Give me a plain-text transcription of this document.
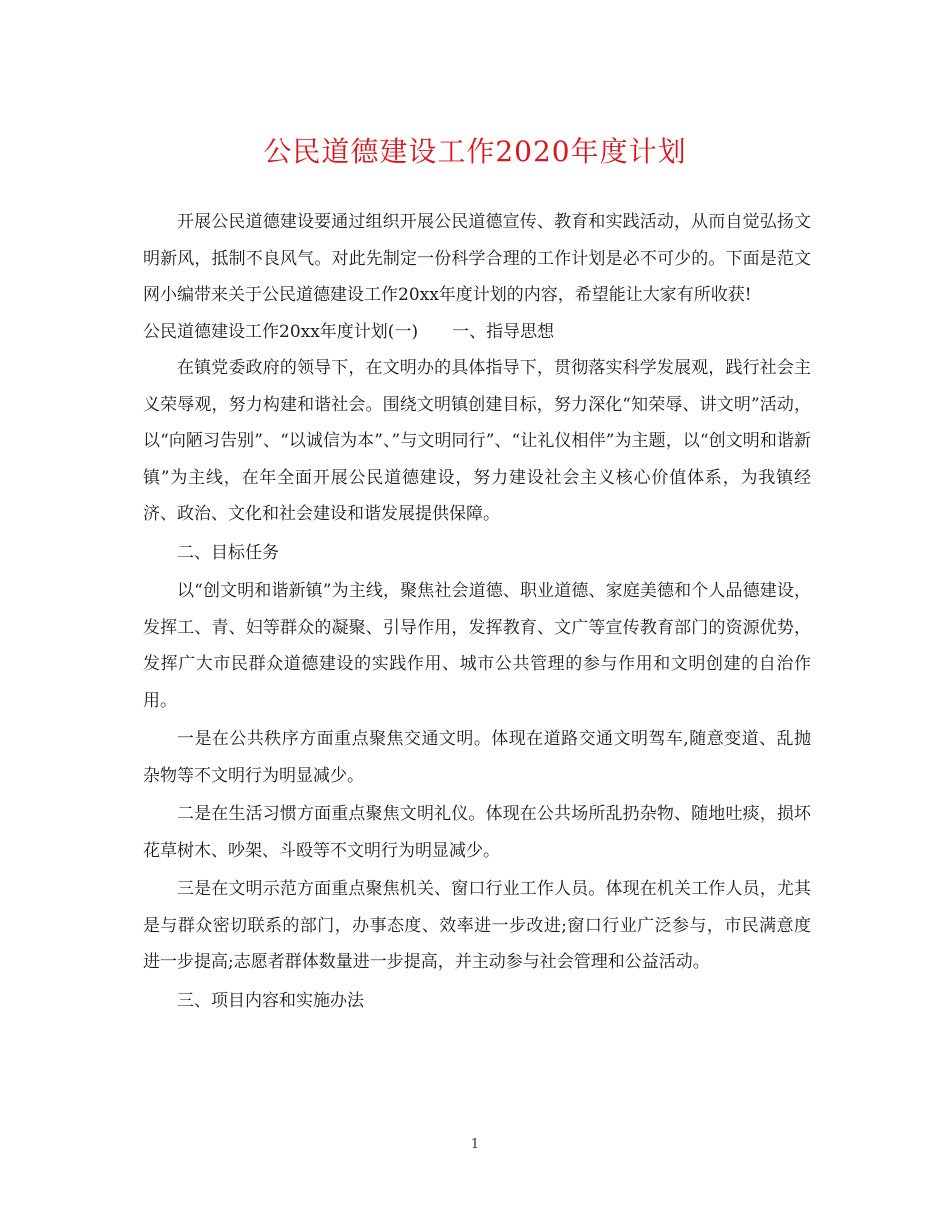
公民道德建设工作2020年度计划

开展公民道德建设要通过组织开展公民道德宣传、教育和实践活动，从而自觉弘扬文明新风，抵制不良风气。对此先制定一份科学合理的工作计划是必不可少的。下面是范文网小编带来关于公民道德建设工作20xx年度计划的内容，希望能让大家有所收获!

公民道德建设工作20xx年度计划(一)　　一、指导思想

在镇党委政府的领导下，在文明办的具体指导下，贯彻落实科学发展观，践行社会主义荣辱观，努力构建和谐社会。围绕文明镇创建目标，努力深化“知荣辱、讲文明”活动，以“向陋习告别”、“以诚信为本”、”与文明同行”、“让礼仪相伴”为主题，以“创文明和谐新镇”为主线，在年全面开展公民道德建设，努力建设社会主义核心价值体系，为我镇经济、政治、文化和社会建设和谐发展提供保障。

二、目标任务

以“创文明和谐新镇”为主线，聚焦社会道德、职业道德、家庭美德和个人品德建设，发挥工、青、妇等群众的凝聚、引导作用，发挥教育、文广等宣传教育部门的资源优势，发挥广大市民群众道德建设的实践作用、城市公共管理的参与作用和文明创建的自治作用。

一是在公共秩序方面重点聚焦交通文明。体现在道路交通文明驾车,随意变道、乱抛杂物等不文明行为明显减少。

二是在生活习惯方面重点聚焦文明礼仪。体现在公共场所乱扔杂物、随地吐痰，损坏花草树木、吵架、斗殴等不文明行为明显减少。

三是在文明示范方面重点聚焦机关、窗口行业工作人员。体现在机关工作人员，尤其是与群众密切联系的部门，办事态度、效率进一步改进;窗口行业广泛参与，市民满意度进一步提高;志愿者群体数量进一步提高，并主动参与社会管理和公益活动。

三、项目内容和实施办法

1
